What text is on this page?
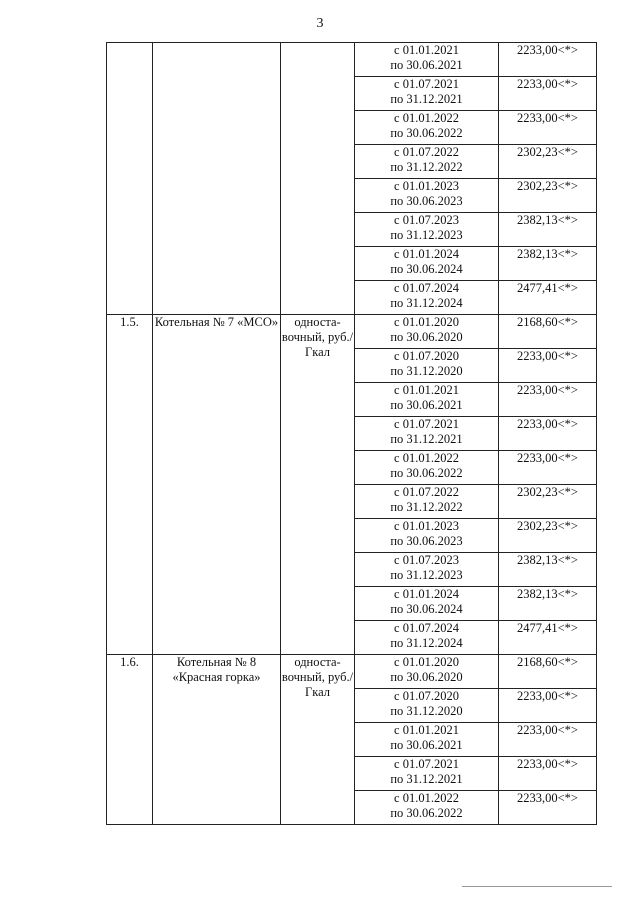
3

			с 01.01.2021
по 30.06.2021	2233,00<*>

			с 01.07.2021
по 31.12.2021	2233,00<*>

			с 01.01.2022
по 30.06.2022	2233,00<*>

			с 01.07.2022
по 31.12.2022	2302,23<*>

			с 01.01.2023
по 30.06.2023	2302,23<*>

			с 01.07.2023
по 31.12.2023	2382,13<*>

			с 01.01.2024
по 30.06.2024	2382,13<*>

			с 01.07.2024
по 31.12.2024	2477,41<*>
1.5.	Котельная № 7 «МСО»	односта-вочный, руб./Гкал	с 01.01.2020
по 30.06.2020	2168,60<*>

			с 01.07.2020
по 31.12.2020	2233,00<*>

			с 01.01.2021
по 30.06.2021	2233,00<*>

			с 01.07.2021
по 31.12.2021	2233,00<*>

			с 01.01.2022
по 30.06.2022	2233,00<*>

			с 01.07.2022
по 31.12.2022	2302,23<*>

			с 01.01.2023
по 30.06.2023	2302,23<*>

			с 01.07.2023
по 31.12.2023	2382,13<*>

			с 01.01.2024
по 30.06.2024	2382,13<*>

			с 01.07.2024
по 31.12.2024	2477,41<*>
1.6.	Котельная № 8 «Красная горка»	односта-вочный, руб./Гкал	с 01.01.2020
по 30.06.2020	2168,60<*>

			с 01.07.2020
по 31.12.2020	2233,00<*>

			с 01.01.2021
по 30.06.2021	2233,00<*>

			с 01.07.2021
по 31.12.2021	2233,00<*>

			с 01.01.2022
по 30.06.2022	2233,00<*>
